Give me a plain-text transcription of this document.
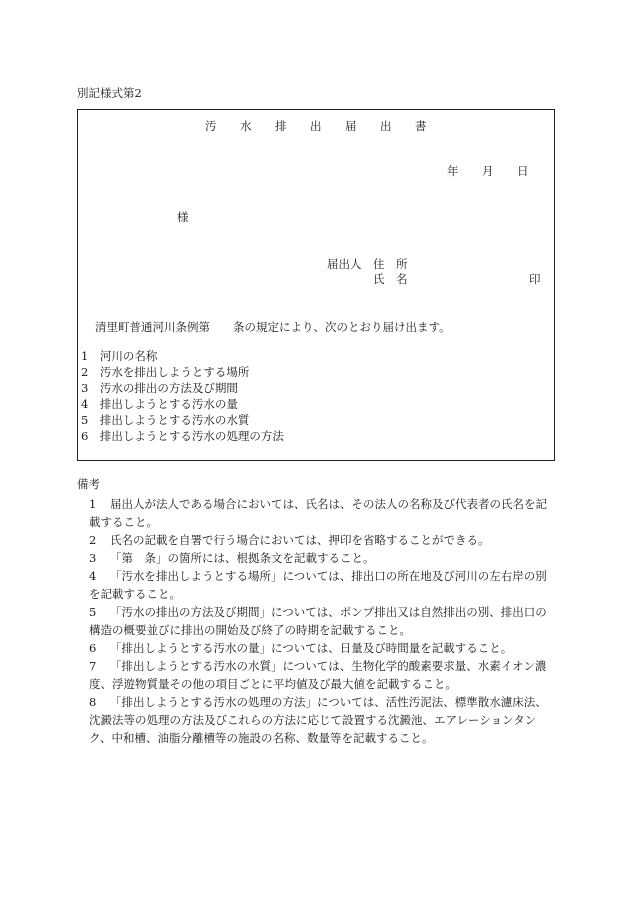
別記様式第2
汚 水 排 出 届 出 書
年 月 日
様
届出人 住　所
氏　名	印
清里町普通河川条例第　　条の規定により、次のとおり届け出ます。
1　河川の名称
2　汚水を排出しようとする場所
3　汚水の排出の方法及び期間
4　排出しようとする汚水の量
5　排出しようとする汚水の水質
6　排出しようとする汚水の処理の方法
備考
1 届出人が法人である場合においては、氏名は、その法人の名称及び代表者の氏名を記
載すること。
2 氏名の記載を自署で行う場合においては、押印を省略することができる。
3 「第　条」の箇所には、根拠条文を記載すること。
4 「汚水を排出しようとする場所」については、排出口の所在地及び河川の左右岸の別
を記載すること。
5 「汚水の排出の方法及び期間」については、ポンプ排出又は自然排出の別、排出口の
構造の概要並びに排出の開始及び終了の時期を記載すること。
6 「排出しようとする汚水の量」については、日量及び時間量を記載すること。
7 「排出しようとする汚水の水質」については、生物化学的酸素要求量、水素イオン濃
度、浮遊物質量その他の項目ごとに平均値及び最大値を記載すること。
8 「排出しようとする汚水の処理の方法」については、活性汚泥法、標準散水濾床法、
沈澱法等の処理の方法及びこれらの方法に応じて設置する沈澱池、エアレーションタン
ク、中和槽、油脂分離槽等の施設の名称、数量等を記載すること。
